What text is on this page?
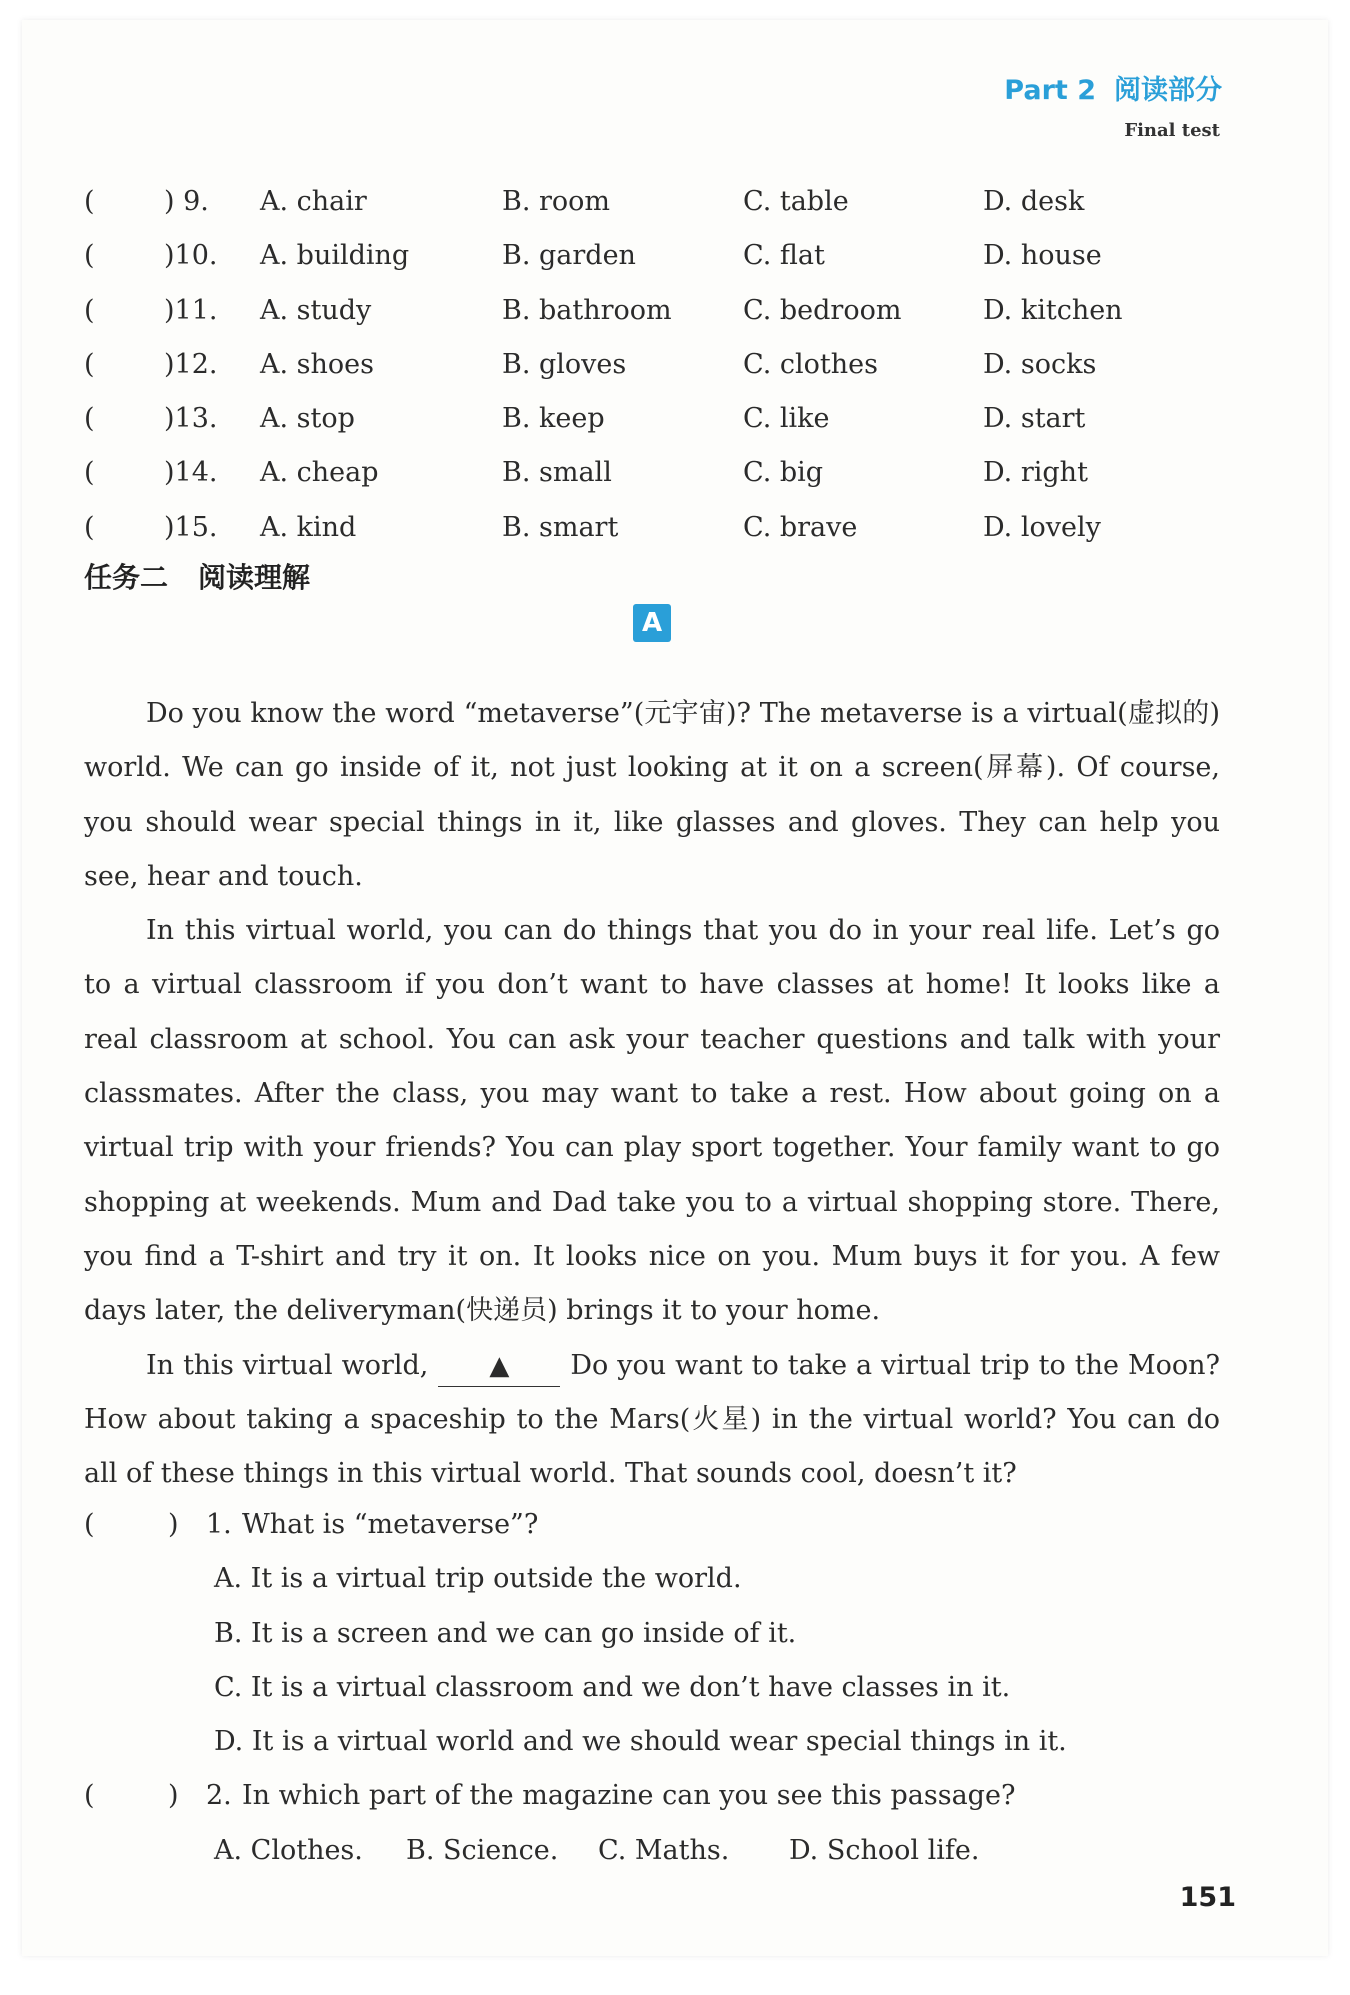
Part 2 阅读部分
Final test
(	) 9. A. chair	B. room	C. table	D. desk
(	)10. A. building	B. garden	C. flat	D. house
(	)11. A. study	B. bathroom	C. bedroom	D. kitchen
(	)12. A. shoes	B. gloves	C. clothes	D. socks
(	)13. A. stop	B. keep	C. like	D. start
(	)14. A. cheap	B. small	C. big	D. right
(	)15. A. kind	B. smart	C. brave	D. lovely
任务二 阅读理解
A

Do you know the word “metaverse”(元宇宙)? The metaverse is a virtual(虚拟的) world. We can go inside of it, not just looking at it on a screen(屏幕). Of course, you should wear special things in it, like glasses and gloves. They can help you see, hear and touch.

In this virtual world, you can do things that you do in your real life. Let’s go to a virtual classroom if you don’t want to have classes at home! It looks like a real classroom at school. You can ask your teacher questions and talk with your classmates. After the class, you may want to take a rest. How about going on a virtual trip with your friends? You can play sport together. Your family want to go shopping at weekends. Mum and Dad take you to a virtual shopping store. There, you find a T-shirt and try it on. It looks nice on you. Mum buys it for you. A few days later, the deliveryman(快递员) brings it to your home.

In this virtual world, ▲ Do you want to take a virtual trip to the Moon? How about taking a spaceship to the Mars(火星) in the virtual world? You can do all of these things in this virtual world. That sounds cool, doesn’t it?

(	) 1. What is “metaverse”?
A. It is a virtual trip outside the world.
B. It is a screen and we can go inside of it.
C. It is a virtual classroom and we don’t have classes in it.
D. It is a virtual world and we should wear special things in it.
(	) 2. In which part of the magazine can you see this passage?
A. Clothes. B. Science. C. Maths. D. School life.
151
